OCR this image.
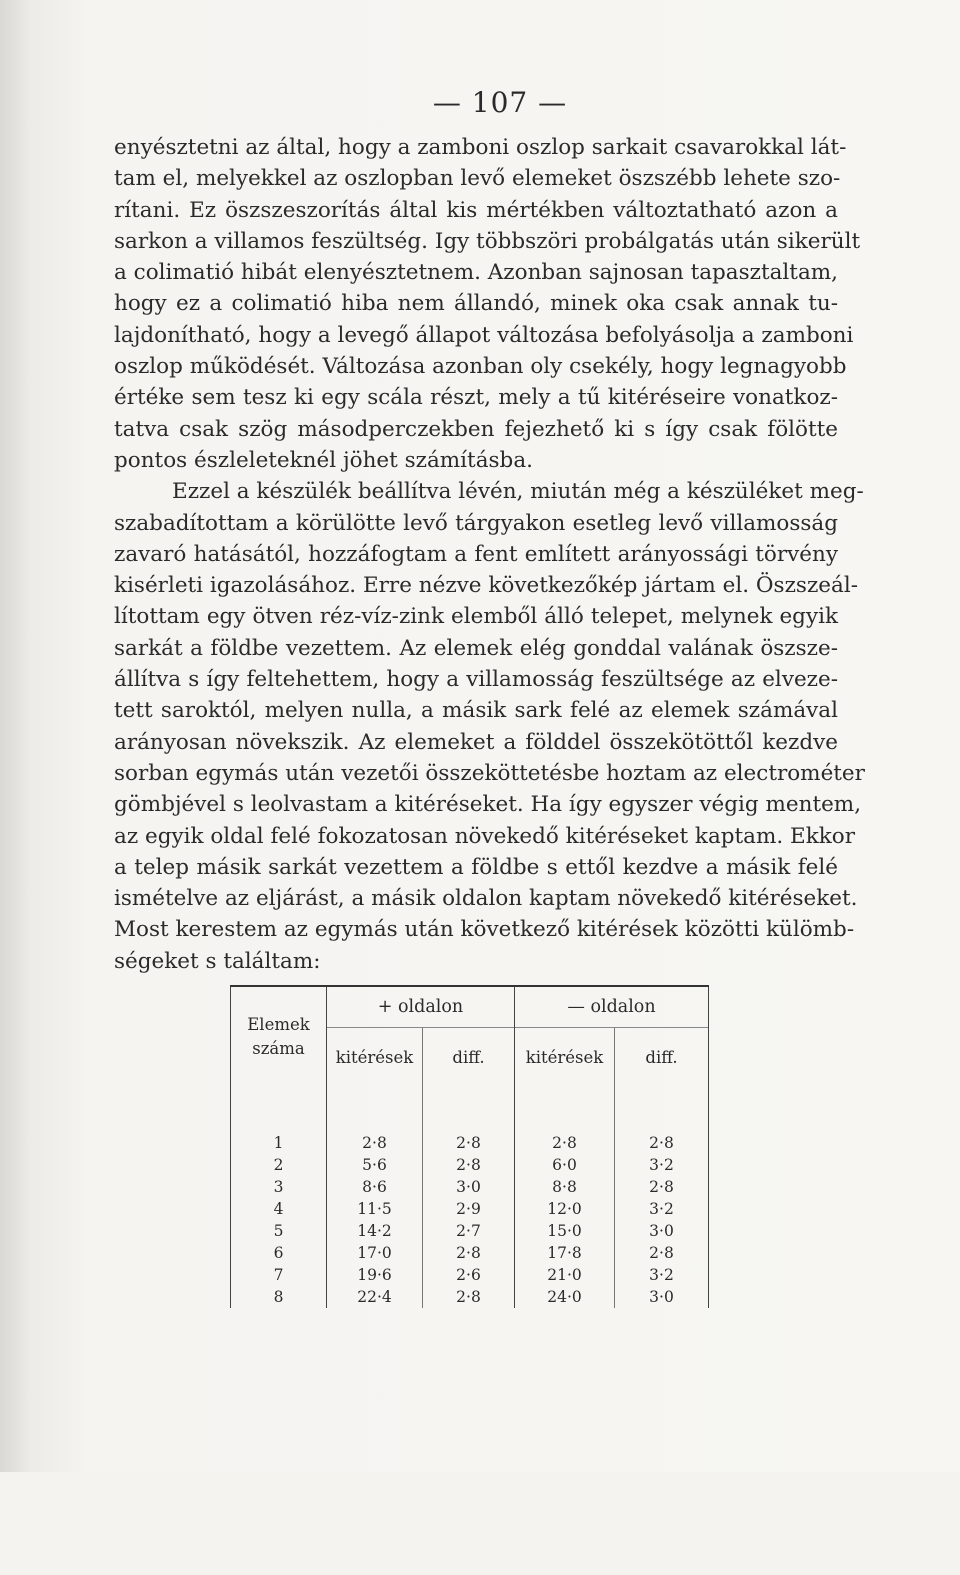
— 107 —
enyésztetni az által, hogy a zamboni oszlop sarkait csavarokkal lát-
tam el, melyekkel az oszlopban levő elemeket öszszébb lehete szo-
rítani. Ez öszszeszorítás által kis mértékben változtatható azon a
sarkon a villamos feszültség. Igy többszöri probálgatás után sikerült
a colimatió hibát elenyésztetnem. Azonban sajnosan tapasztaltam,
hogy ez a colimatió hiba nem állandó, minek oka csak annak tu-
lajdonítható, hogy a levegő állapot változása befolyásolja a zamboni
oszlop működését. Változása azonban oly csekély, hogy legnagyobb
értéke sem tesz ki egy scála részt, mely a tű kitéréseire vonatkoz-
tatva csak szög másodperczekben fejezhető ki s így csak fölötte
pontos észleleteknél jöhet számításba.
Ezzel a készülék beállítva lévén, miután még a készüléket meg-
szabadítottam a körülötte levő tárgyakon esetleg levő villamosság
zavaró hatásától, hozzáfogtam a fent említett arányossági törvény
kisérleti igazolásához. Erre nézve következőkép jártam el. Öszszeál-
lítottam egy ötven réz-víz-zink elemből álló telepet, melynek egyik
sarkát a földbe vezettem. Az elemek elég gonddal valának öszsze-
állítva s így feltehettem, hogy a villamosság feszültsége az elveze-
tett saroktól, melyen nulla, a másik sark felé az elemek számával
arányosan növekszik. Az elemeket a földdel összekötöttől kezdve
sorban egymás után vezetői összeköttetésbe hoztam az electrométer
gömbjével s leolvastam a kitéréseket. Ha így egyszer végig mentem,
az egyik oldal felé fokozatosan növekedő kitéréseket kaptam. Ekkor
a telep másik sarkát vezettem a földbe s ettől kezdve a másik felé
ismételve az eljárást, a másik oldalon kaptam növekedő kitéréseket.
Most kerestem az egymás után következő kitérések közötti külömb-
ségeket s találtam:
Elemek
száma	+ oldalon		— oldalon	
	kitérések	diff.	kitérések	diff.

1	2·8	2·8	2·8	2·8
2	5·6	2·8	6·0	3·2
3	8·6	3·0	8·8	2·8
4	11·5	2·9	12·0	3·2
5	14·2	2·7	15·0	3·0
6	17·0	2·8	17·8	2·8
7	19·6	2·6	21·0	3·2
8	22·4	2·8	24·0	3·0
